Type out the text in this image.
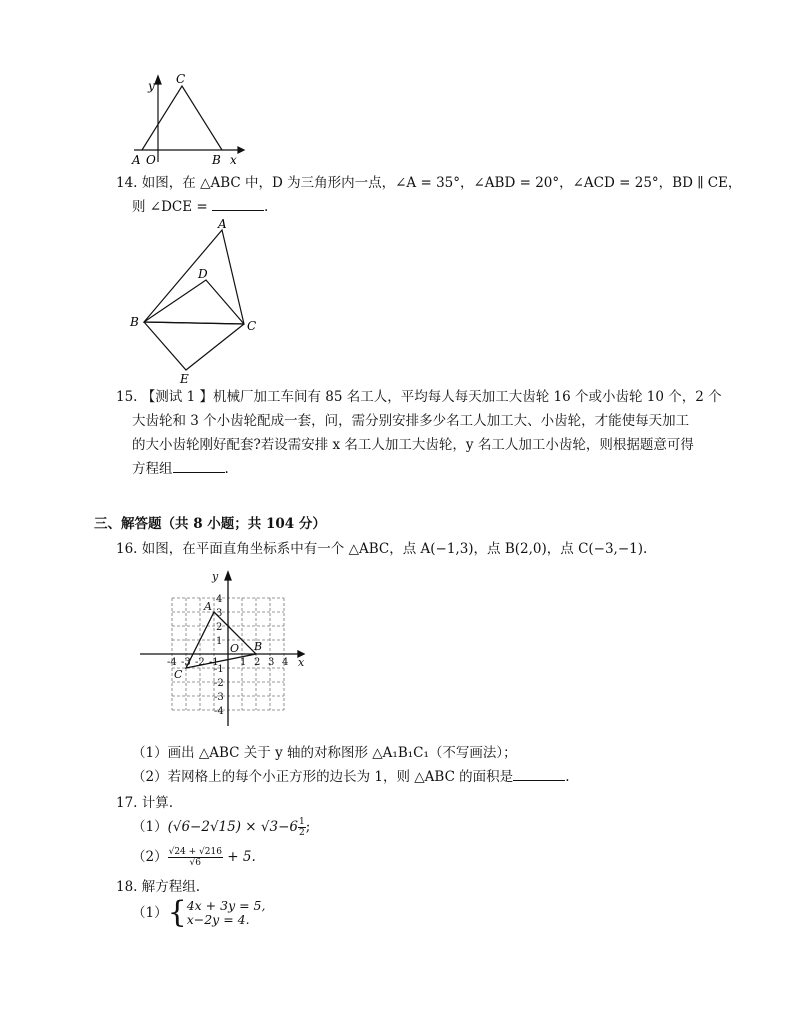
y C
A O	B x
14. 如图，在 △ABC 中，D 为三角形内一点，∠A = 35°，∠ABD = 20°，∠ACD = 25°，BD ∥ CE，
则 ∠DCE =	.
A
D
B	C
E
15. 【测试 1 】机械厂加工车间有 85 名工人，平均每人每天加工大齿轮 16 个或小齿轮 10 个，2 个
大齿轮和 3 个小齿轮配成一套，问，需分别安排多少名工人加工大、小齿轮，才能使每天加工
的大小齿轮刚好配套?若设需安排 x 名工人加工大齿轮，y 名工人加工小齿轮，则根据题意可得
方程组	.
三、解答题（共 8 小题；共 104 分）
16. 如图，在平面直角坐标系中有一个 △ABC，点 A(−1,3)，点 B(2,0)，点 C(−3,−1).
-4 -3 -2 -1 1 2 3 4
4
3
2
1
-1
-2
-3
-4
A
B
C
O
x
y
（1）画出 △ABC 关于 y 轴的对称图形 △A₁B₁C₁（不写画法）；
（2）若网格上的每个小正方形的边长为 1，则 △ABC 的面积是	.
17. 计算.
$(1)(√6-2√15) \times √3-6 \frac{1}{2}$ ;
$(2) \frac{√24 + √216}{√6} + 5$.
18. 解方程组.
（1） { 4x + 3y = 5,
x−2y = 4.
